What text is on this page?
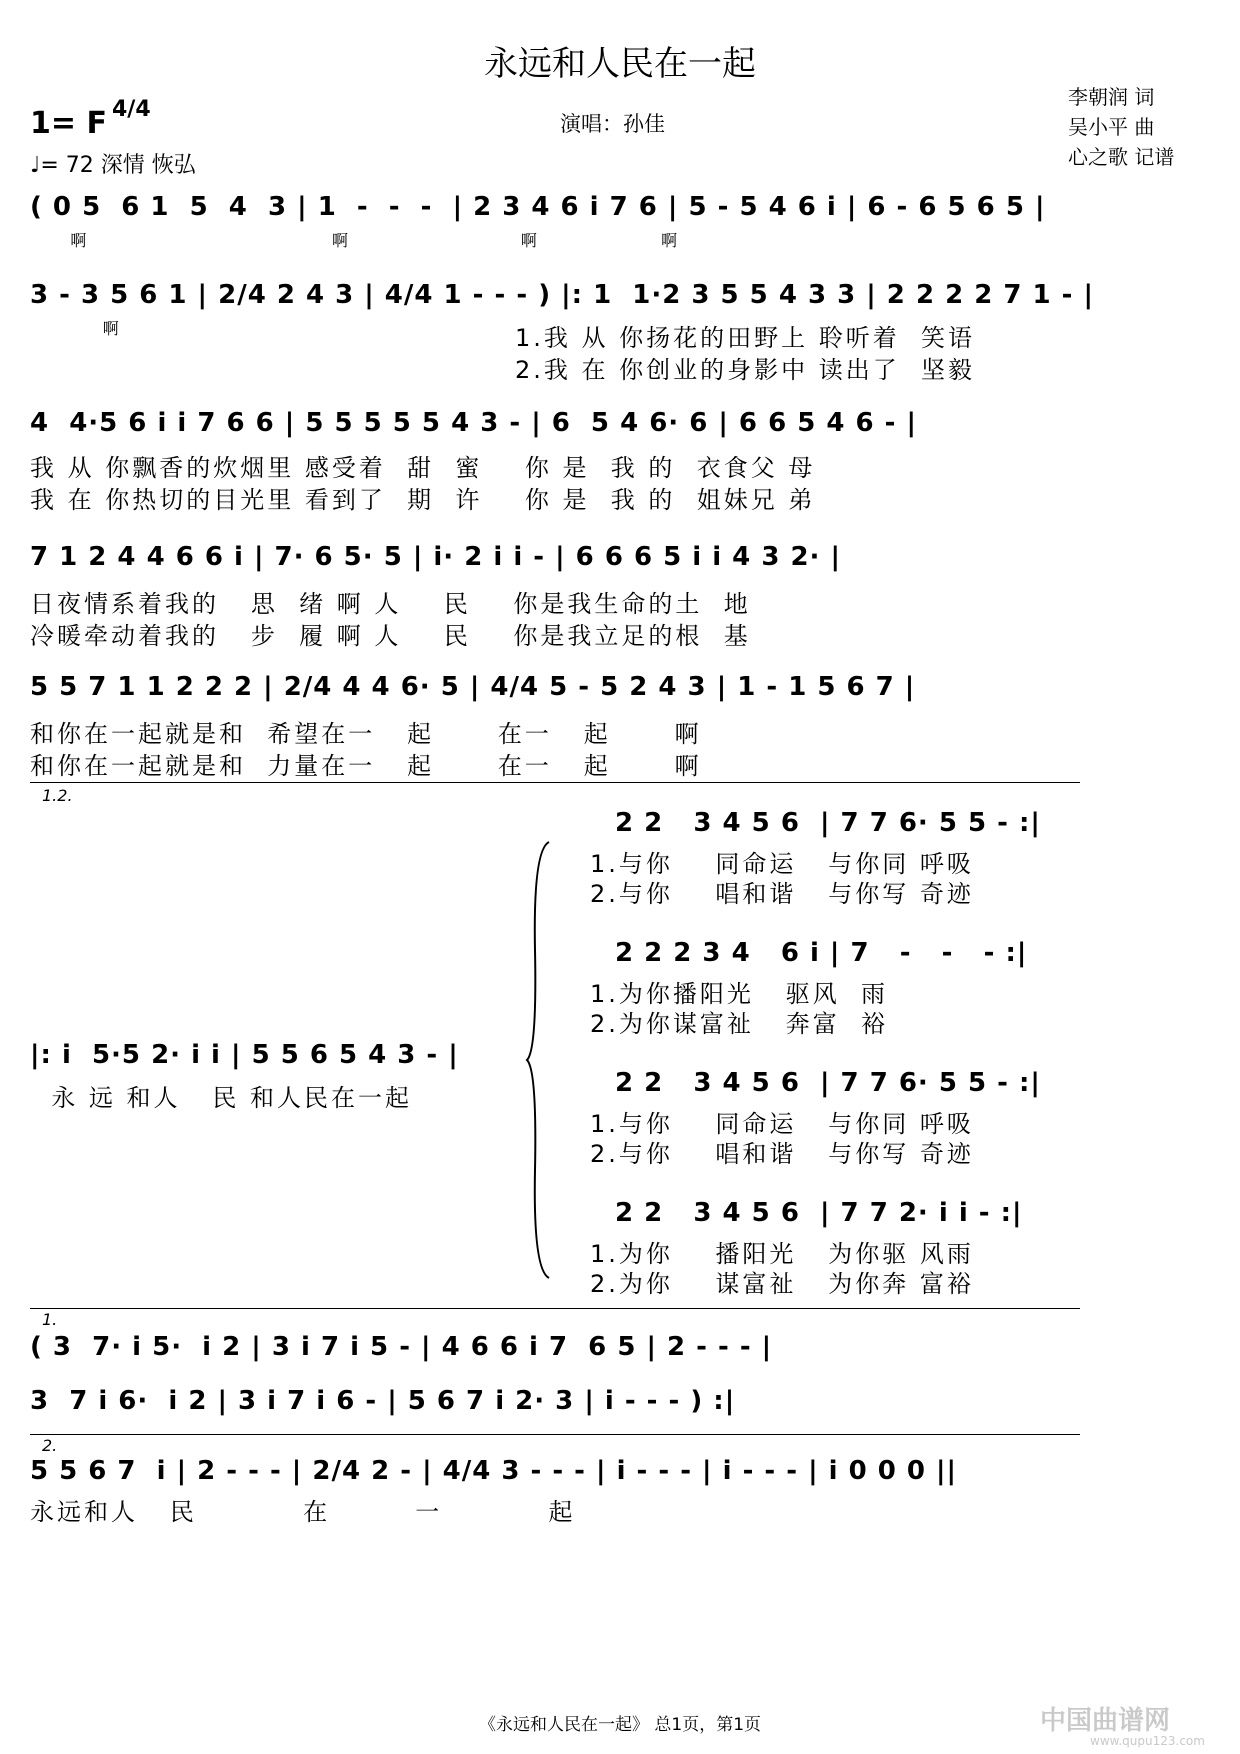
永远和人民在一起
1= F 4/4
♩= 72 深情 恢弘
演唱：孙佳
李朝润 词
吴小平 曲
心之歌 记谱
( 0 5  6 1  5  4  3 | 1  -  -  -  | 2 3 4 6 i 7 6 | 5 - 5 4 6 i | 6 - 6 5 6 5 |
啊                              啊                     啊               啊
3 - 3 5 6 1 | 2/4 2 4 3 | 4/4 1 - - - ) |: 1  1·2 3 5 5 4 3 3 | 2 2 2 2 7 1 - |
啊	1.我 从 你扬花的田野上 聆听着  笑语
2.我 在 你创业的身影中 读出了  坚毅
4  4·5 6 i i 7 6 6 | 5 5 5 5 5 4 3 - | 6  5 4 6· 6 | 6 6 5 4 6 - |
我 从 你飘香的炊烟里 感受着  甜  蜜    你 是  我 的  衣食父 母
我 在 你热切的目光里 看到了  期  许    你 是  我 的  姐妹兄 弟
7 1 2 4 4 6 6 i | 7· 6 5· 5 | i· 2 i i - | 6 6 6 5 i i 4 3 2· |
日夜情系着我的   思  绪 啊 人    民    你是我生命的土  地
冷暖牵动着我的   步  履 啊 人    民    你是我立足的根  基
5 5 7 1 1 2 2 2 | 2/4 4 4 6· 5 | 4/4 5 - 5 2 4 3 | 1 - 1 5 6 7 |
和你在一起就是和  希望在一   起      在一   起      啊
和你在一起就是和  力量在一   起      在一   起      啊
1.2.
2 2   3 4 5 6  | 7 7 6· 5 5 - :|
1.与你    同命运   与你同 呼吸
2.与你    唱和谐   与你写 奇迹
2 2 2 3 4   6 i | 7   -   -   - :|
1.为你播阳光   驱风  雨
2.为你谋富祉   奔富  裕
|: i  5·5 2· i i | 5 5 6 5 4 3 - |
永 远 和人   民 和人民在一起	2 2   3 4 5 6  | 7 7 6· 5 5 - :|
1.与你    同命运   与你同 呼吸
2.与你    唱和谐   与你写 奇迹
2 2   3 4 5 6  | 7 7 2· i i - :|
1.为你    播阳光   为你驱 风雨
2.为你    谋富祉   为你奔 富裕
1.
( 3  7· i 5·  i 2 | 3 i 7 i 5 - | 4 6 6 i 7  6 5 | 2 - - - |
3  7 i 6·  i 2 | 3 i 7 i 6 - | 5 6 7 i 2· 3 | i - - - ) :|
2.
5 5 6 7  i | 2 - - - | 2/4 2 - | 4/4 3 - - - | i - - - | i - - - | i 0 0 0 ||
永远和人   民          在        一          起
《永远和人民在一起》 总1页，第1页	中国曲谱网
www.qupu123.com
